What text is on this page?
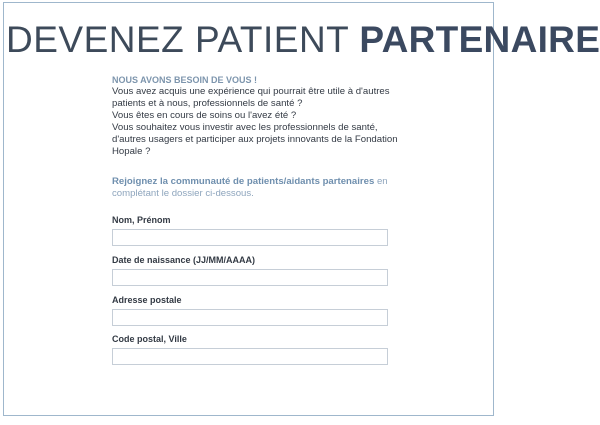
DEVENEZ PATIENT PARTENAIRE
NOUS AVONS BESOIN DE VOUS !

Vous avez acquis une expérience qui pourrait être utile à d'autres

patients et à nous, professionnels de santé ?

Vous êtes en cours de soins ou l'avez été ?

Vous souhaitez vous investir avec les professionnels de santé,

d'autres usagers et participer aux projets innovants de la Fondation

Hopale ?

Rejoignez la communauté de patients/aidants partenaires en
complétant le dossier ci-dessous.
Nom, Prénom
Date de naissance (JJ/MM/AAAA)
Adresse postale
Code postal, Ville
